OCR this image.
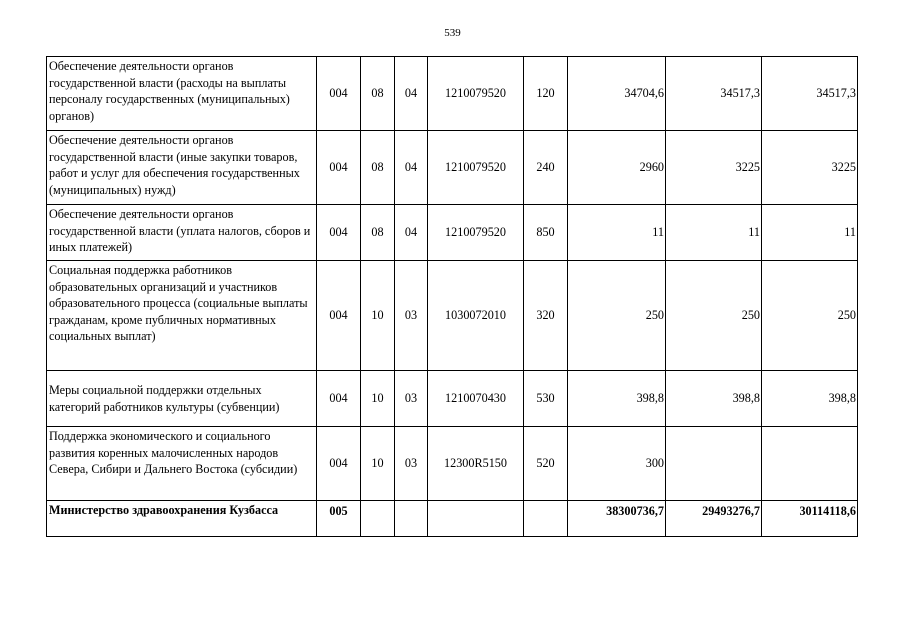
539
Обеспечение деятельности органов государственной власти (расходы на выплаты персоналу государственных (муниципальных) органов)	004	08	04	1210079520	120	34704,6	34517,3	34517,3
Обеспечение деятельности органов государственной власти (иные закупки товаров, работ и услуг для обеспечения государственных (муниципальных) нужд)	004	08	04	1210079520	240	2960	3225	3225
Обеспечение деятельности органов государственной власти (уплата налогов, сборов и иных платежей)	004	08	04	1210079520	850	11	11	11
Социальная поддержка работников образовательных организаций и участников образовательного процесса (социальные выплаты гражданам, кроме публичных нормативных социальных выплат)	004	10	03	1030072010	320	250	250	250
Меры социальной поддержки отдельных категорий работников культуры (субвенции)	004	10	03	1210070430	530	398,8	398,8	398,8
Поддержка экономического и социального развития коренных малочисленных народов Севера, Сибири и Дальнего Востока (субсидии)	004	10	03	12300R5150	520	300		
Министерство здравоохранения Кузбасса	005					38300736,7	29493276,7	30114118,6
